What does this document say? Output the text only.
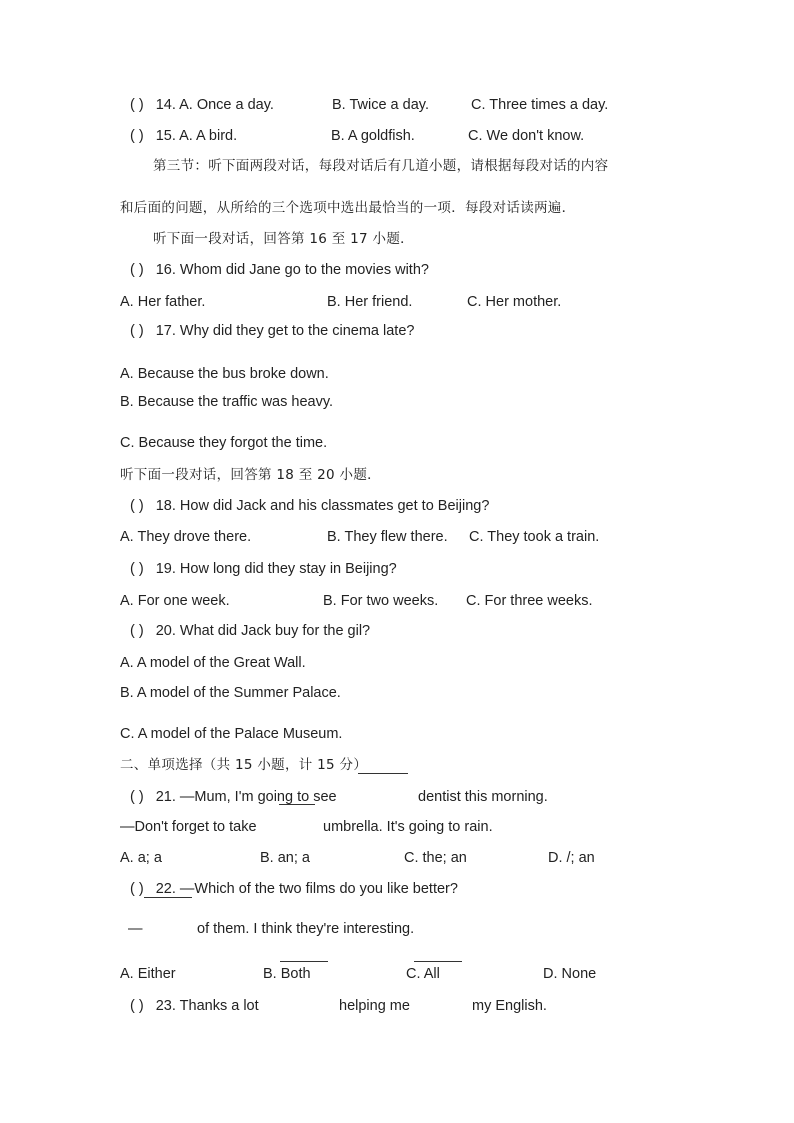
( ) 14. A. Once a day.	B. Twice a day.	C. Three times a day.
( ) 15. A. A bird.	B. A goldfish.	C. We don't know.
第三节：听下面两段对话，每段对话后有几道小题，请根据每段对话的内容
和后面的问题，从所给的三个选项中选出最恰当的一项．每段对话读两遍．
听下面一段对话，回答第 16 至 17 小题．
( ) 16. Whom did Jane go to the movies with?
A. Her father.	B. Her friend.	C. Her mother.
( ) 17. Why did they get to the cinema late?
A. Because the bus broke down.
B. Because the traffic was heavy.
C. Because they forgot the time.
听下面一段对话，回答第 18 至 20 小题．
( ) 18. How did Jack and his classmates get to Beijing?
A. They drove there.	B. They flew there. C. They took a train.
( ) 19. How long did they stay in Beijing?
A. For one week.	B. For two weeks. C. For three weeks.
( ) 20. What did Jack buy for the gil?
A. A model of the Great Wall.
B. A model of the Summer Palace.
C. A model of the Palace Museum.
二、单项选择（共 15 小题，计 15 分）
( ) 21. —Mum, I'm going to see	dentist this morning.
—Don't forget to take	umbrella. It's going to rain.
A. a; a	B. an; a	C. the; an	D. /; an
( ) 22. —Which of the two films do you like better?
—	of them. I think they're interesting.
A. Either	B. Both	C. All	D. None
( ) 23. Thanks a lot	helping me	my English.
